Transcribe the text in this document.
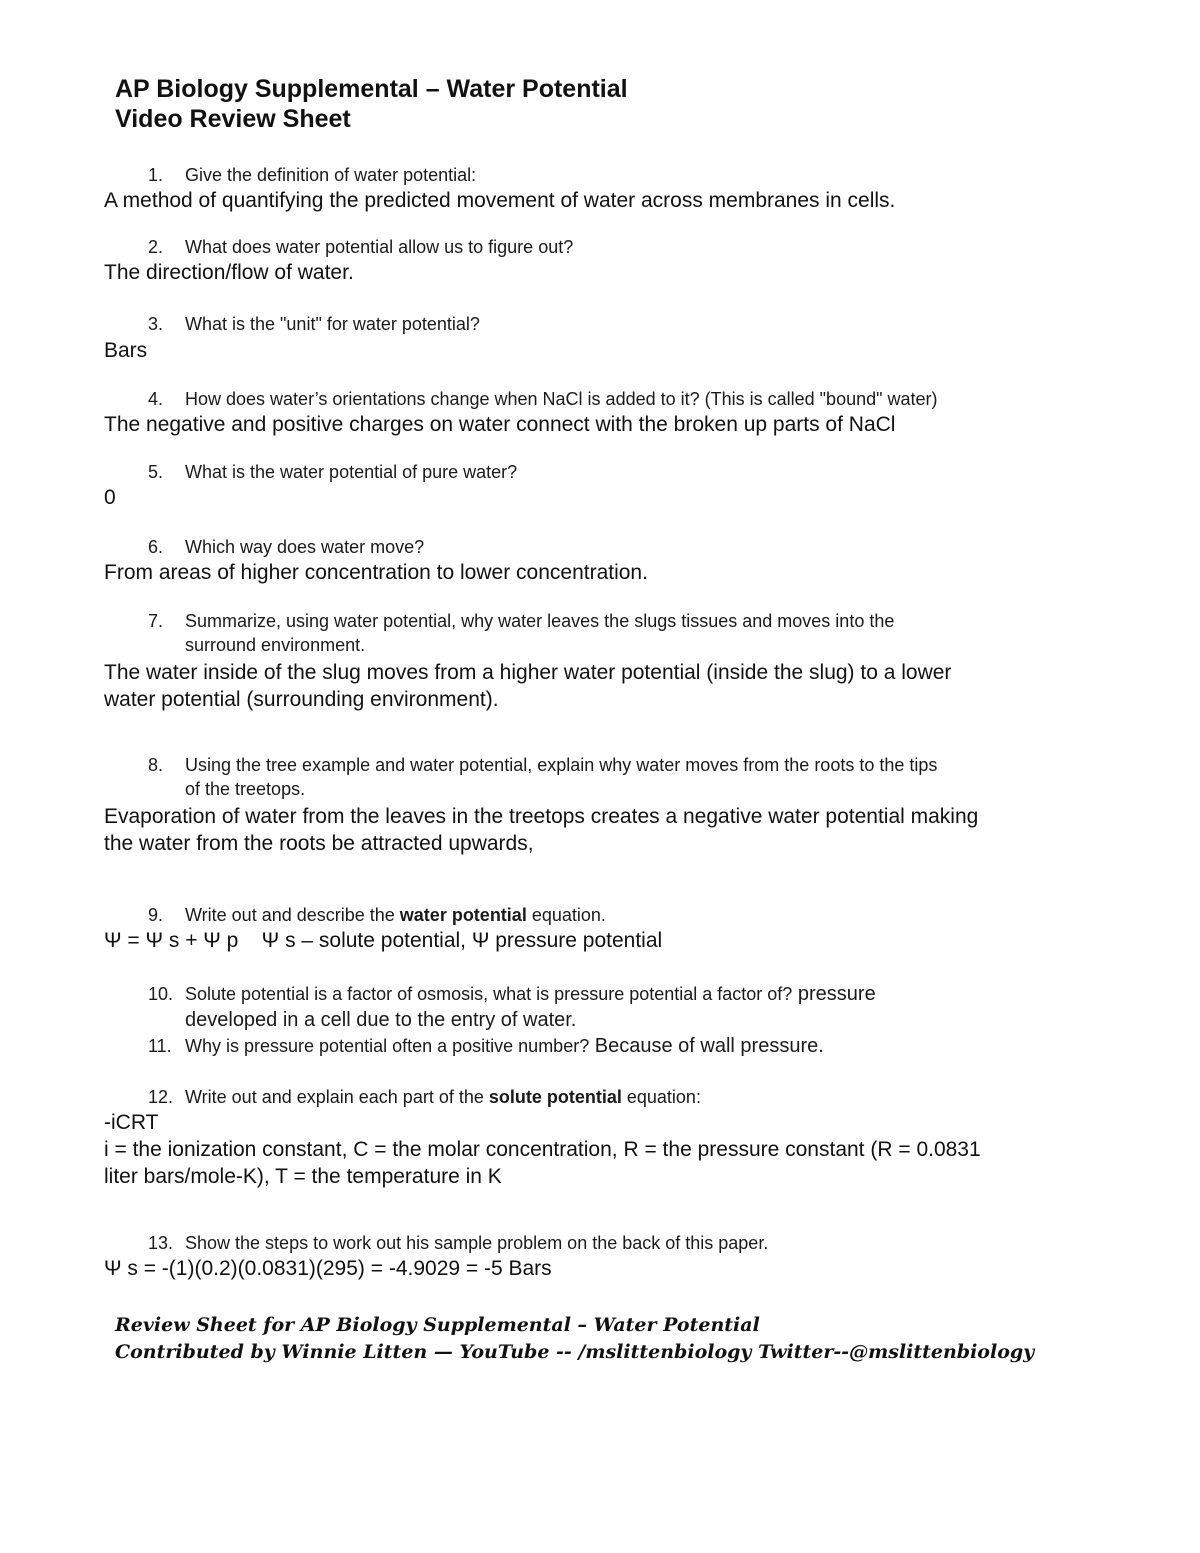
AP Biology Supplemental – Water Potential
Video Review Sheet
1.	Give the definition of water potential:
A method of quantifying the predicted movement of water across membranes in cells.
2.	What does water potential allow us to figure out?
The direction/flow of water.
3.	What is the "unit" for water potential?
Bars
4.	How does water’s orientations change when NaCl is added to it? (This is called "bound" water)
The negative and positive charges on water connect with the broken up parts of NaCl
5.	What is the water potential of pure water?
0
6.	Which way does water move?
From areas of higher concentration to lower concentration.
7.	Summarize, using water potential, why water leaves the slugs tissues and moves into the
surround environment.
The water inside of the slug moves from a higher water potential (inside the slug) to a lower
water potential (surrounding environment).
8.	Using the tree example and water potential, explain why water moves from the roots to the tips
of the treetops.
Evaporation of water from the leaves in the treetops creates a negative water potential making
the water from the roots be attracted upwards,
9.	Write out and describe the water potential equation.
Ψ = Ψ s + Ψ p    Ψ s – solute potential, Ψ pressure potential
10. Solute potential is a factor of osmosis, what is pressure potential a factor of? pressure
developed in a cell due to the entry of water.
11. Why is pressure potential often a positive number? Because of wall pressure.
12. Write out and explain each part of the solute potential equation:
-iCRT
i = the ionization constant, C = the molar concentration, R = the pressure constant (R = 0.0831
liter bars/mole-K), T = the temperature in K
13. Show the steps to work out his sample problem on the back of this paper.
Ψ s = -(1)(0.2)(0.0831)(295) = -4.9029 = -5 Bars
Review Sheet for AP Biology Supplemental – Water Potential
Contributed by Winnie Litten — YouTube -- /mslittenbiology Twitter--@mslittenbiology
